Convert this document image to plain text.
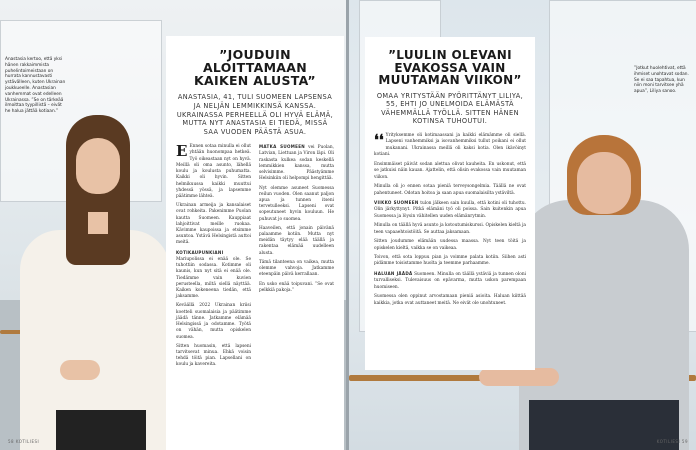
Anastasia kertoo, että yksi hänen rakkaimmista puhelintoimeistaan on hurrata kannustavasti ystävälleen, kuten Ukrainan joukkueelle. Anastasian vanhemmat ovat edelleen Ukrainassa. ”Se on tärkeää ilmoittaa tyypillistä – eivät he halua jättää kotiaan.”
”JOUDUIN ALOITTAMAAN KAIKEN ALUSTA”

ANASTASIA, 41, TULI SUOMEEN LAPSENSA JA NELJÄN LEMMIKKINSÄ KANSSA. UKRAINASSA PERHEELLÄ OLI HYVÄ ELÄMÄ, MUTTA NYT ANASTASIA EI TIEDÄ, MISSÄ SAA VUODEN PÄÄSTÄ ASUA.

E Ennen sotaa minulla ei ollut yhtään huonompaa hetkeä. Työ oikeastaan nyt on hyvä. Meillä oli oma asunto, lähellä koulu ja koulusta puhumatta. Kaikki oli hyvin. Sitten helmikuussa kaikki muuttui yhdessä yössä, ja lapsemme päätimme lähteä.

Ukrainan armeija ja kansalaiset ovat rohkeita. Pakenimme Puolan kautta Suomeen. Kauppiaat lahjoittivat meille ruokaa. Kävimme kaupoissa ja etsimme asuntoa. Ystävä Helsingistä auttoi meitä.

KOTIKAUPUNKIANI Mariupolissa ei enää ole. Se tuhottiin sodassa. Kotimme oli kaunis, kun nyt sitä ei enää ole. Tiedämme vain kuvien perusteella, miltä siellä näyttää. Kaiken kokeneena tiedän, että jaksamme.

Keväällä 2022 Ukrainan kriisi koetteli suomalaisia ja päätimme jäädä tänne. Jatkamme elämää Helsingissä ja odotamme. Työtä on vähän, mutta opiskelen suomea.

Sitten huomasin, että lapseni tarvitsevat minua. Ehkä voisin tehdä töitä pian. Lapsellani on koulu ja kavereita.

MATKA SUOMEEN vei Puolan, Latvian, Liettuan ja Viron läpi. Oli raskasta kulkea sodan keskellä lemmikkien kanssa, mutta selvisimme. Päästyämme Helsinkiin oli helpompi hengittää.

Nyt olemme asuneet Suomessa reilun vuoden. Olen saanut paljon apua ja tunnen itseni tervetulleeksi. Lapseni ovat sopeutuneet hyvin kouluun. He puhuvat jo suomea.

Haaveilen, että jonain päivänä palaamme kotiin. Mutta nyt meidän täytyy elää täällä ja rakentaa elämää uudelleen alusta.

Tämä tilanteena on vaikea, mutta olemme vahvoja. Jatkamme eteenpäin päivä kerrallaan.

En usko enää toipuvani. ”Se ovat pelkkiä pakoja.”

58 KOTILIESI
”LUULIN OLEVANI EVAKOSSA VAIN MUUTAMAN VIIKON”

OMAA YRITYSTÄÄN PYÖRITTÄNYT LILIYA, 55, EHTI JO UNELMOIDA ELÄMÄSTÄ VÄHEMMÄLLÄ TYÖLLÄ. SITTEN HÄNEN KOTINSA TUHOUTUI.

❛❛ Yrityksemme oli kotimaassani ja kaikki elämämme oli siellä. Lapseni vanhemmiksi ja isovanhemmiksi tullut poikani ei ollut mukanani. Ukrainassa meillä oli kaksi kotia. Olen ikävöinyt kotiani.

Ensimmäiset päivät sodan alettua olivat kauheita. En uskonut, että se jatkuisi näin kauan. Ajattelin, että olisin evakossa vain muutaman viikon.

Minulla oli jo ennen sotaa pieniä terveysongelmia. Täällä ne ovat pahentuneet. Odotan hoitoa ja saan apua suomalaisilta ystäviltä.

VIIKKO SUOMEEN tulon jälkeen sain kuulla, että kotini oli tuhottu. Olin järkyttynyt. Pitkä elämäni työ oli poissa. Sain kuitenkin apua Suomessa ja löysin vähitellen uuden elämänrytmin.

Minulla on täällä hyvä asunto ja kotoutumiskurssi. Opiskelen kieltä ja teen vapaaehtoistöitä. Se auttaa jaksamaan.

Sitten joudumme elämään uudessa maassa. Nyt teen töitä ja opiskelen kieltä, vaikka se on vaikeaa.

Toivon, että sota loppuu pian ja voimme palata kotiin. Siihen asti pidämme toisistamme huolta ja teemme parhaamme.

HALUAN JÄÄDÄ Suomeen. Minulla on täällä ystäviä ja tunnen oloni turvalliseksi. Tulevaisuus on epävarma, mutta uskon parempaan huomiseen.

Suomessa olen oppinut arvostamaan pieniä asioita. Haluan kiittää kaikkia, jotka ovat auttaneet meitä. Ne eivät ole unohtuneet.

”Jotkut huolehtivat, että ihmiset unohtavat sodan. Se ei saa tapahtua, kun niin moni tarvitsee yhä apua”, Liliya sanoo.
KOTILIESI 59
